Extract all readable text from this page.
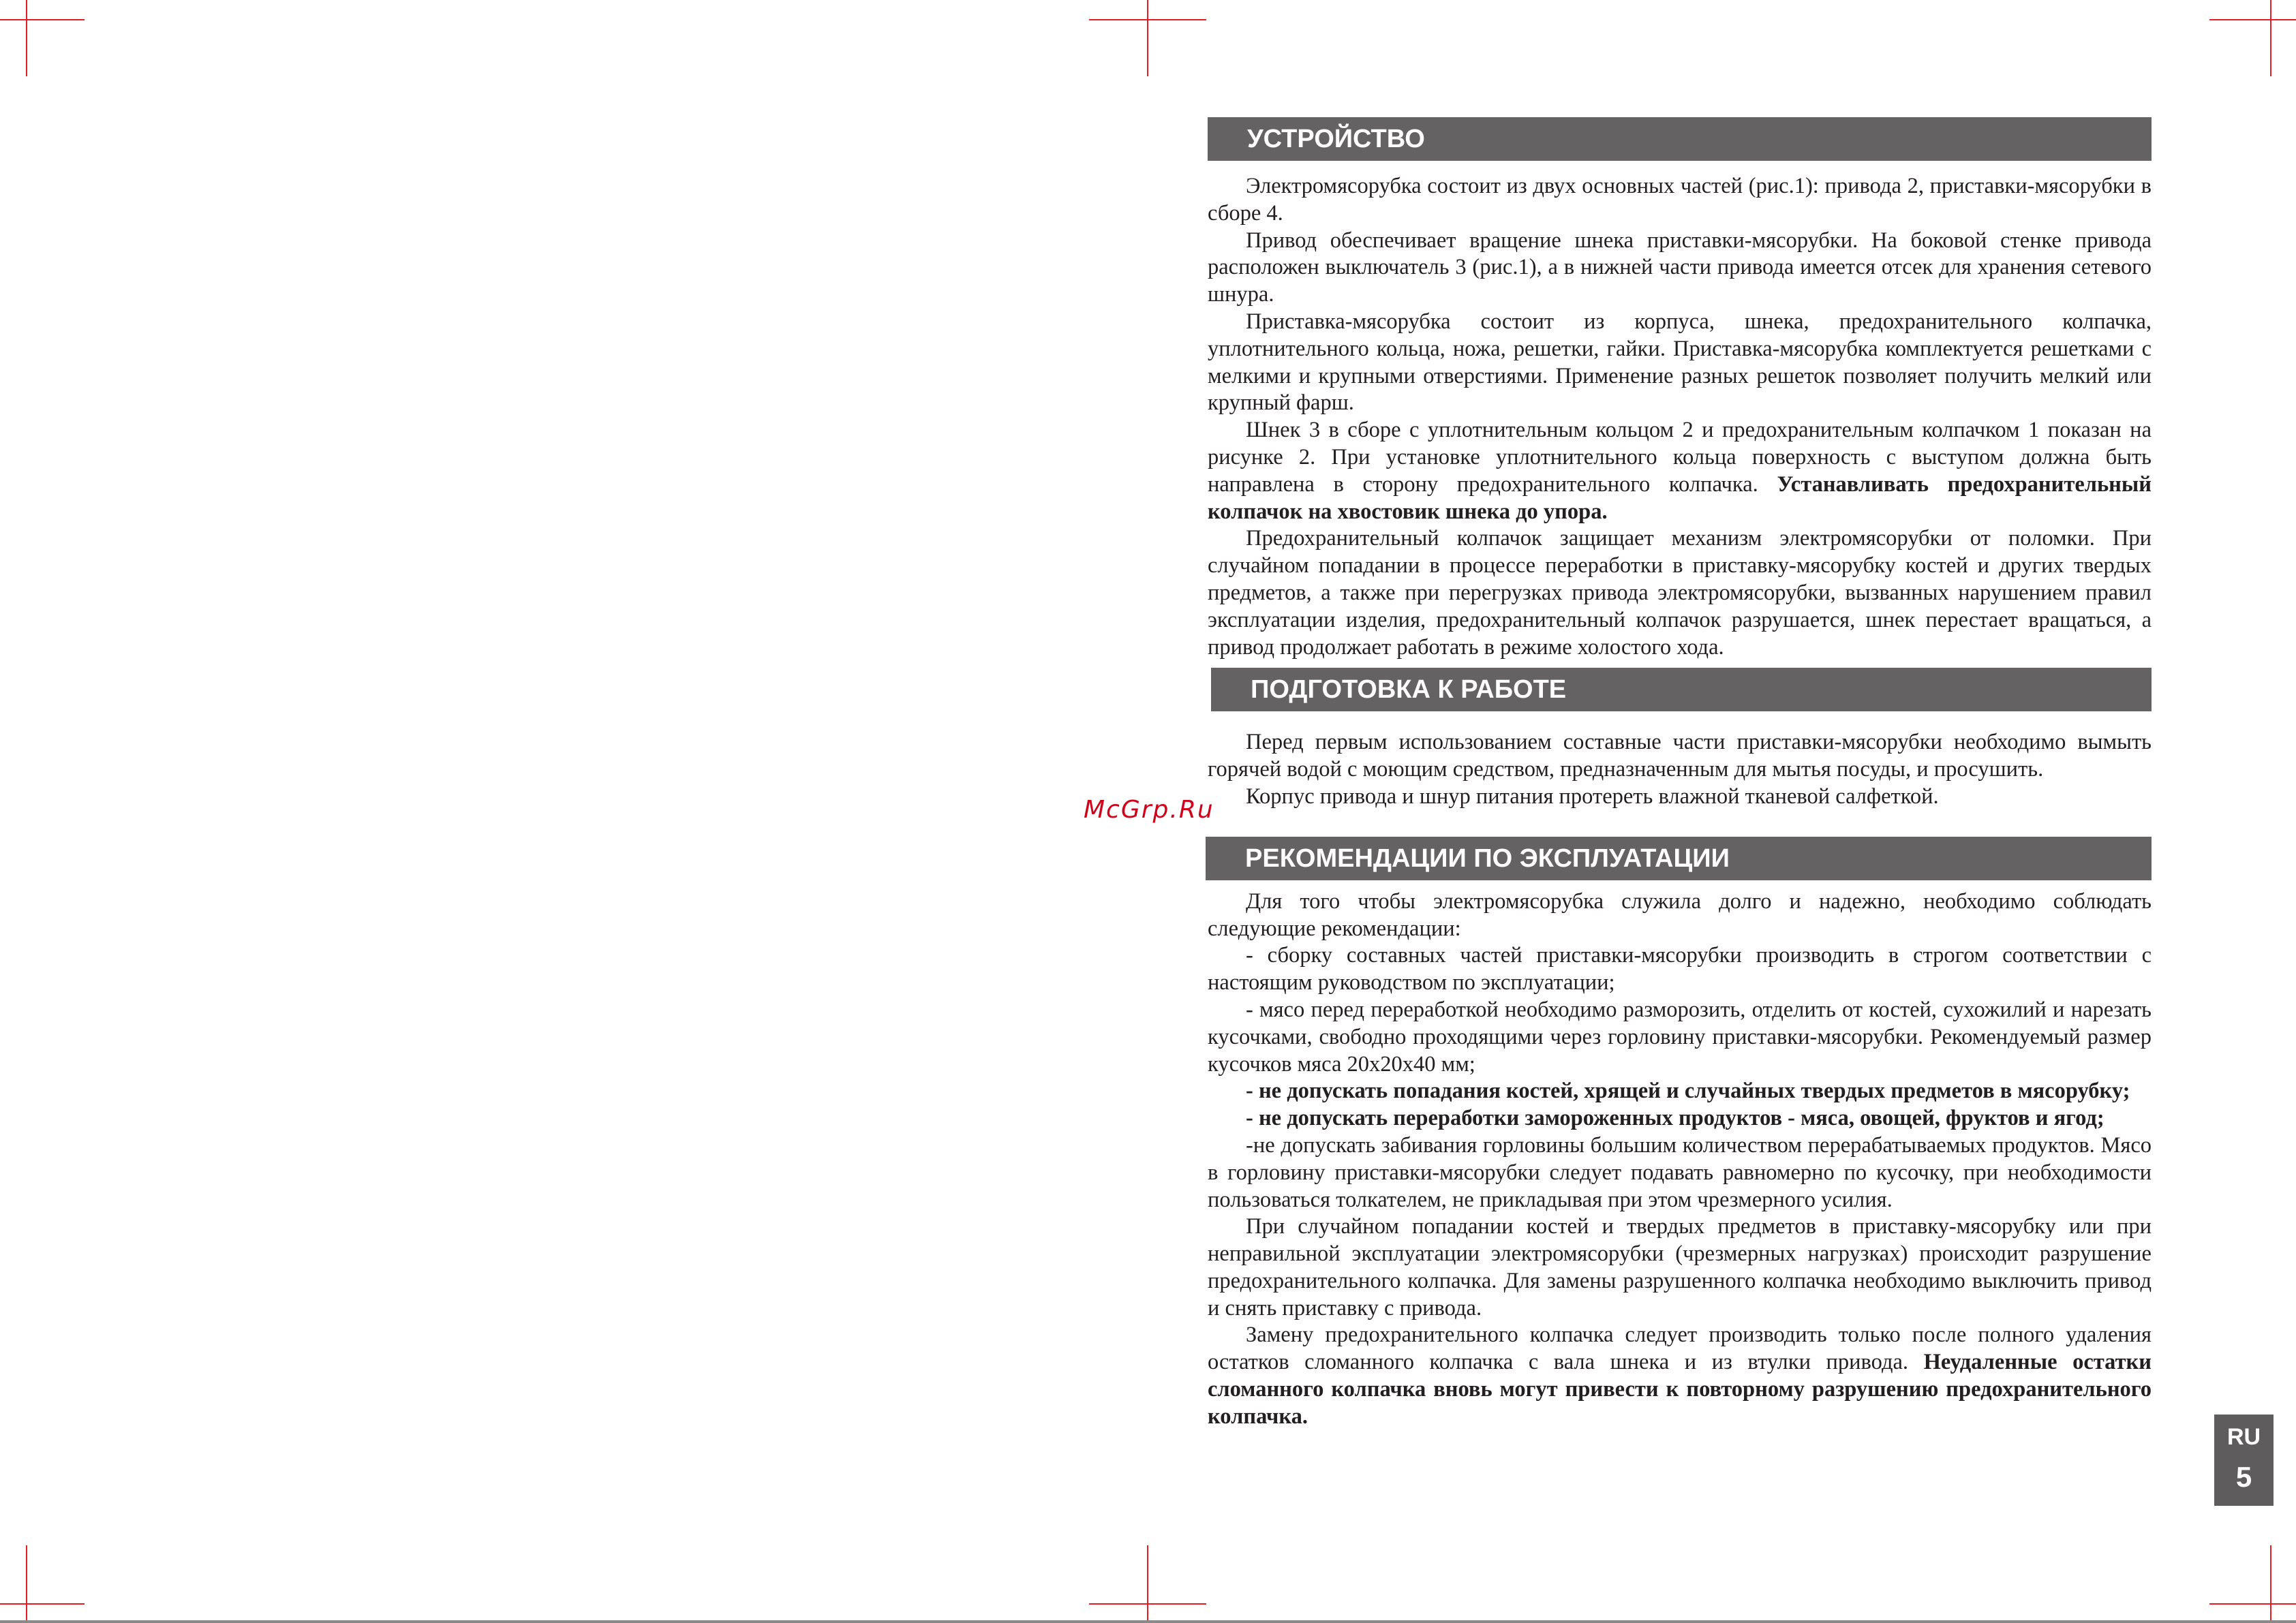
McGrp.Ru
УСТРОЙСТВО

Электромясорубка состоит из двух основных частей (рис.1): привода 2, приставки-мясорубки в сборе 4.

Привод обеспечивает вращение шнека приставки-мясорубки. На боковой стенке привода расположен выключатель 3 (рис.1), а в нижней части привода имеется отсек для хранения сетевого шнура.

Приставка-мясорубка состоит из корпуса, шнека, предохранительного колпачка, уплотнительного кольца, ножа, решетки, гайки. Приставка-мясорубка комплектуется решетками с мелкими и крупными отверстиями. Применение разных решеток позволяет получить мелкий или крупный фарш.

Шнек 3 в сборе с уплотнительным кольцом 2 и предохранительным колпачком 1 показан на рисунке 2. При установке уплотнительного кольца поверхность с выступом должна быть направлена в сторону предохранительного колпачка. Устанавливать предохранительный колпачок на хвостовик шнека до упора.

Предохранительный колпачок защищает механизм электромясорубки от поломки. При случайном попадании в процессе переработки в приставку-мясорубку костей и других твердых предметов, а также при перегрузках привода электромясорубки, вызванных нарушением правил эксплуатации изделия, предохранительный колпачок разрушается, шнек перестает вращаться, а привод продолжает работать в режиме холостого хода.

ПОДГОТОВКА К РАБОТЕ

Перед первым использованием составные части приставки-мясорубки необходимо вымыть горячей водой с моющим средством, предназначенным для мытья посуды, и просушить.

Корпус привода и шнур питания протереть влажной тканевой салфеткой.

РЕКОМЕНДАЦИИ ПО ЭКСПЛУАТАЦИИ

Для того чтобы электромясорубка служила долго и надежно, необходимо соблюдать следующие рекомендации:

- сборку составных частей приставки-мясорубки производить в строгом соответствии с настоящим руководством по эксплуатации;

- мясо перед переработкой необходимо разморозить, отделить от костей, сухожилий и нарезать кусочками, свободно проходящими через горловину приставки-мясорубки. Рекомендуемый размер кусочков мяса 20х20х40 мм;

- не допускать попадания костей, хрящей и случайных твердых предметов в мясорубку;

- не допускать переработки замороженных продуктов - мяса, овощей, фруктов и ягод;

-не допускать забивания горловины большим количеством перерабатываемых продуктов. Мясо в горловину приставки-мясорубки следует подавать равномерно по кусочку, при необходимости пользоваться толкателем, не прикладывая при этом чрезмерного усилия.

При случайном попадании костей и твердых предметов в приставку-мясорубку или при неправильной эксплуатации электромясорубки (чрезмерных нагрузках) происходит разрушение предохранительного колпачка. Для замены разрушенного колпачка необходимо выключить привод и снять приставку с привода.

Замену предохранительного колпачка следует производить только после полного удаления остатков сломанного колпачка с вала шнека и из втулки привода. Неудаленные остатки сломанного колпачка вновь могут привести к повторному разрушению предохранительного колпачка.

RU
5
